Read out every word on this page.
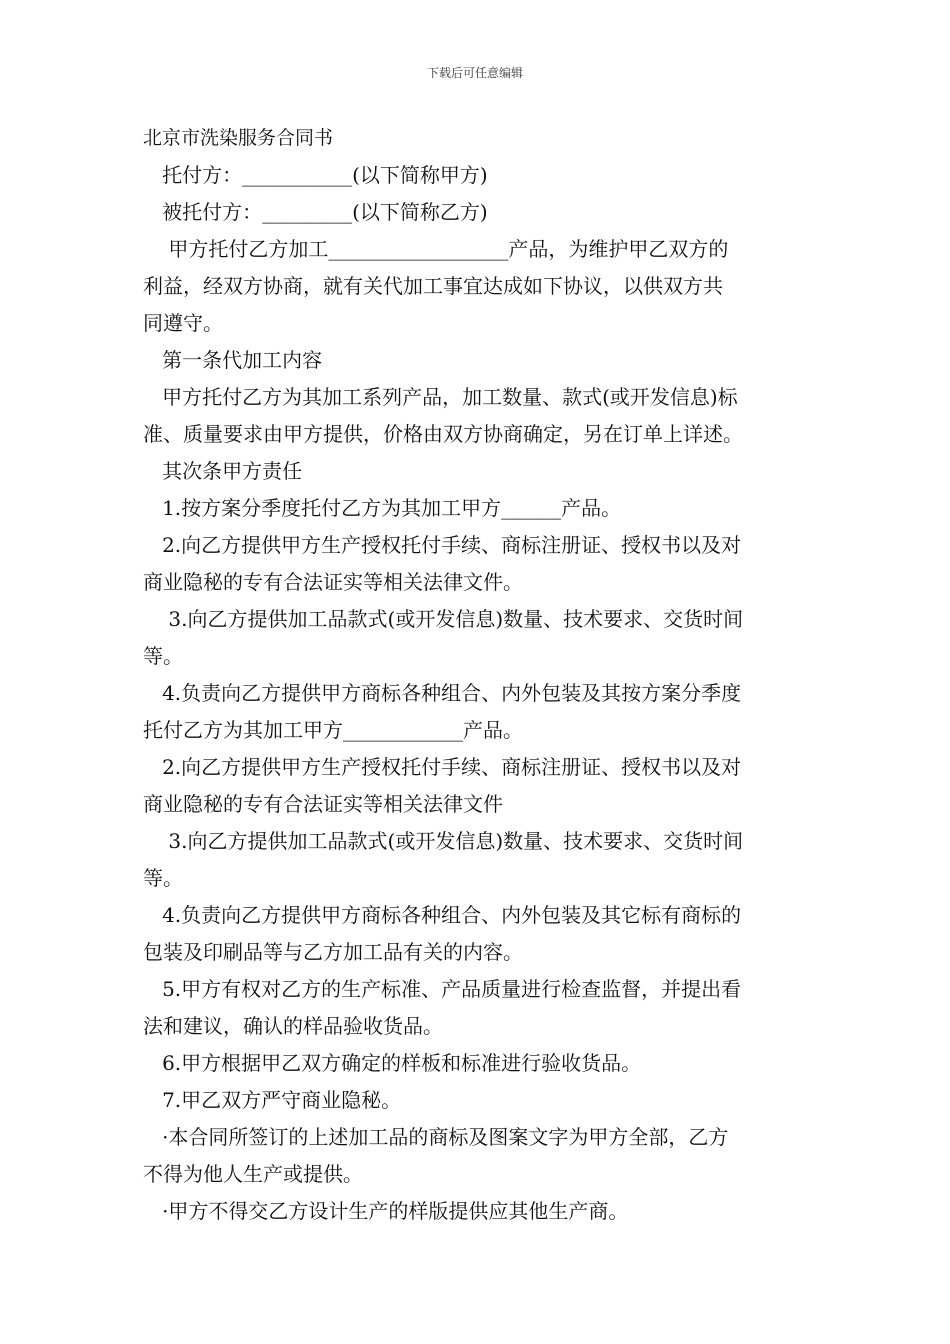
下载后可任意编辑
北京市洗染服务合同书
托付方：___________(以下简称甲方)
被托付方：_________(以下简称乙方)
甲方托付乙方加工__________________产品，为维护甲乙双方的
利益，经双方协商，就有关代加工事宜达成如下协议，以供双方共
同遵守。
第一条代加工内容
甲方托付乙方为其加工系列产品，加工数量、款式(或开发信息)标
准、质量要求由甲方提供，价格由双方协商确定，另在订单上详述。
其次条甲方责任
1.按方案分季度托付乙方为其加工甲方______产品。
2.向乙方提供甲方生产授权托付手续、商标注册证、授权书以及对
商业隐秘的专有合法证实等相关法律文件。
3.向乙方提供加工品款式(或开发信息)数量、技术要求、交货时间
等。
4.负责向乙方提供甲方商标各种组合、内外包装及其按方案分季度
托付乙方为其加工甲方____________产品。
2.向乙方提供甲方生产授权托付手续、商标注册证、授权书以及对
商业隐秘的专有合法证实等相关法律文件
3.向乙方提供加工品款式(或开发信息)数量、技术要求、交货时间
等。
4.负责向乙方提供甲方商标各种组合、内外包装及其它标有商标的
包装及印刷品等与乙方加工品有关的内容。
5.甲方有权对乙方的生产标准、产品质量进行检查监督，并提出看
法和建议，确认的样品验收货品。
6.甲方根据甲乙双方确定的样板和标准进行验收货品。
7.甲乙双方严守商业隐秘。
·本合同所签订的上述加工品的商标及图案文字为甲方全部，乙方
不得为他人生产或提供。
·甲方不得交乙方设计生产的样版提供应其他生产商。
